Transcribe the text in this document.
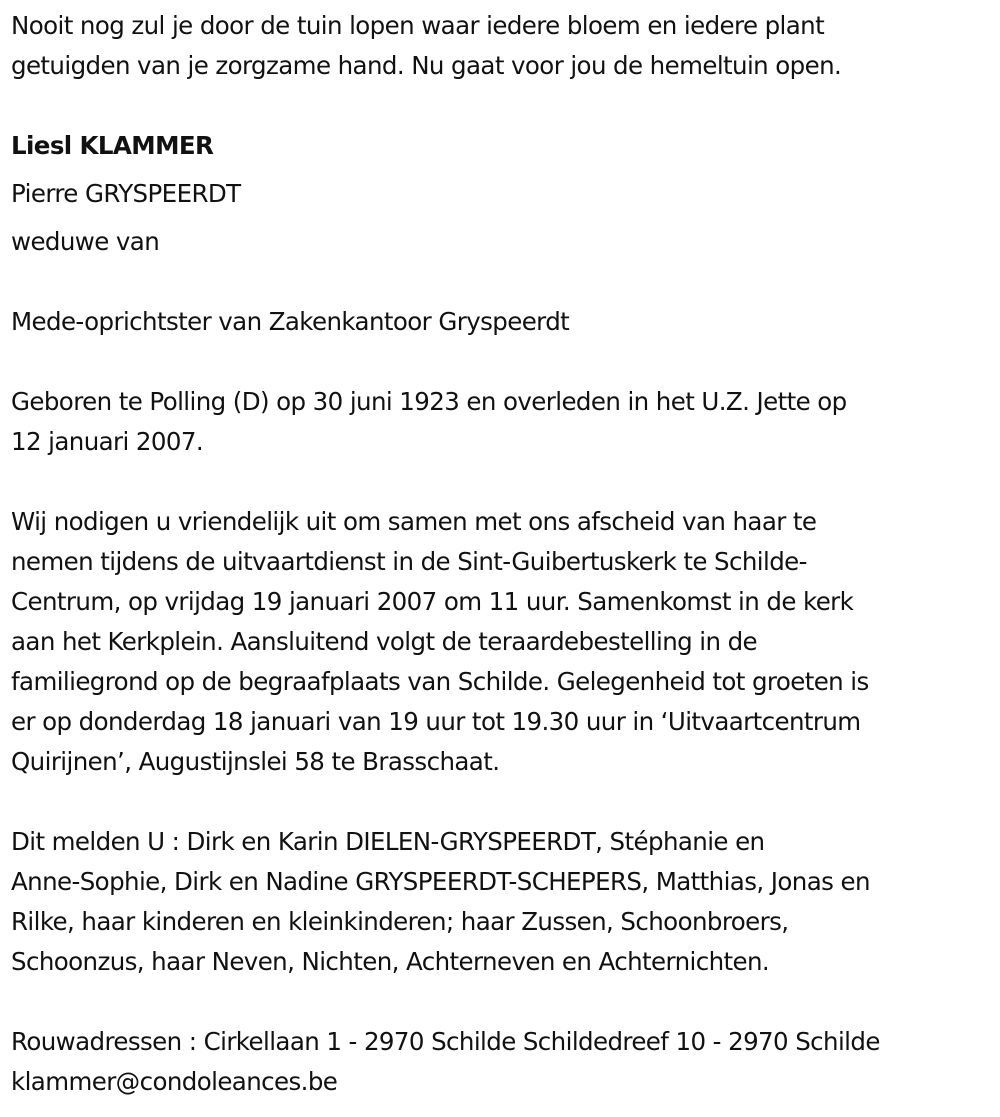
Nooit nog zul je door de tuin lopen waar iedere bloem en iedere plant
getuigden van je zorgzame hand. Nu gaat voor jou de hemeltuin open.
Liesl KLAMMER
Pierre GRYSPEERDT
weduwe van
Mede-oprichtster van Zakenkantoor Gryspeerdt
Geboren te Polling (D) op 30 juni 1923 en overleden in het U.Z. Jette op
12 januari 2007.
Wij nodigen u vriendelijk uit om samen met ons afscheid van haar te
nemen tijdens de uitvaartdienst in de Sint-Guibertuskerk te Schilde-
Centrum, op vrijdag 19 januari 2007 om 11 uur. Samenkomst in de kerk
aan het Kerkplein. Aansluitend volgt de teraardebestelling in de
familiegrond op de begraafplaats van Schilde. Gelegenheid tot groeten is
er op donderdag 18 januari van 19 uur tot 19.30 uur in ‘Uitvaartcentrum
Quirijnen’, Augustijnslei 58 te Brasschaat.
Dit melden U : Dirk en Karin DIELEN-GRYSPEERDT, Stéphanie en
Anne-Sophie, Dirk en Nadine GRYSPEERDT-SCHEPERS, Matthias, Jonas en
Rilke, haar kinderen en kleinkinderen; haar Zussen, Schoonbroers,
Schoonzus, haar Neven, Nichten, Achterneven en Achternichten.
Rouwadressen : Cirkellaan 1 - 2970 Schilde Schildedreef 10 - 2970 Schilde
klammer@condoleances.be
